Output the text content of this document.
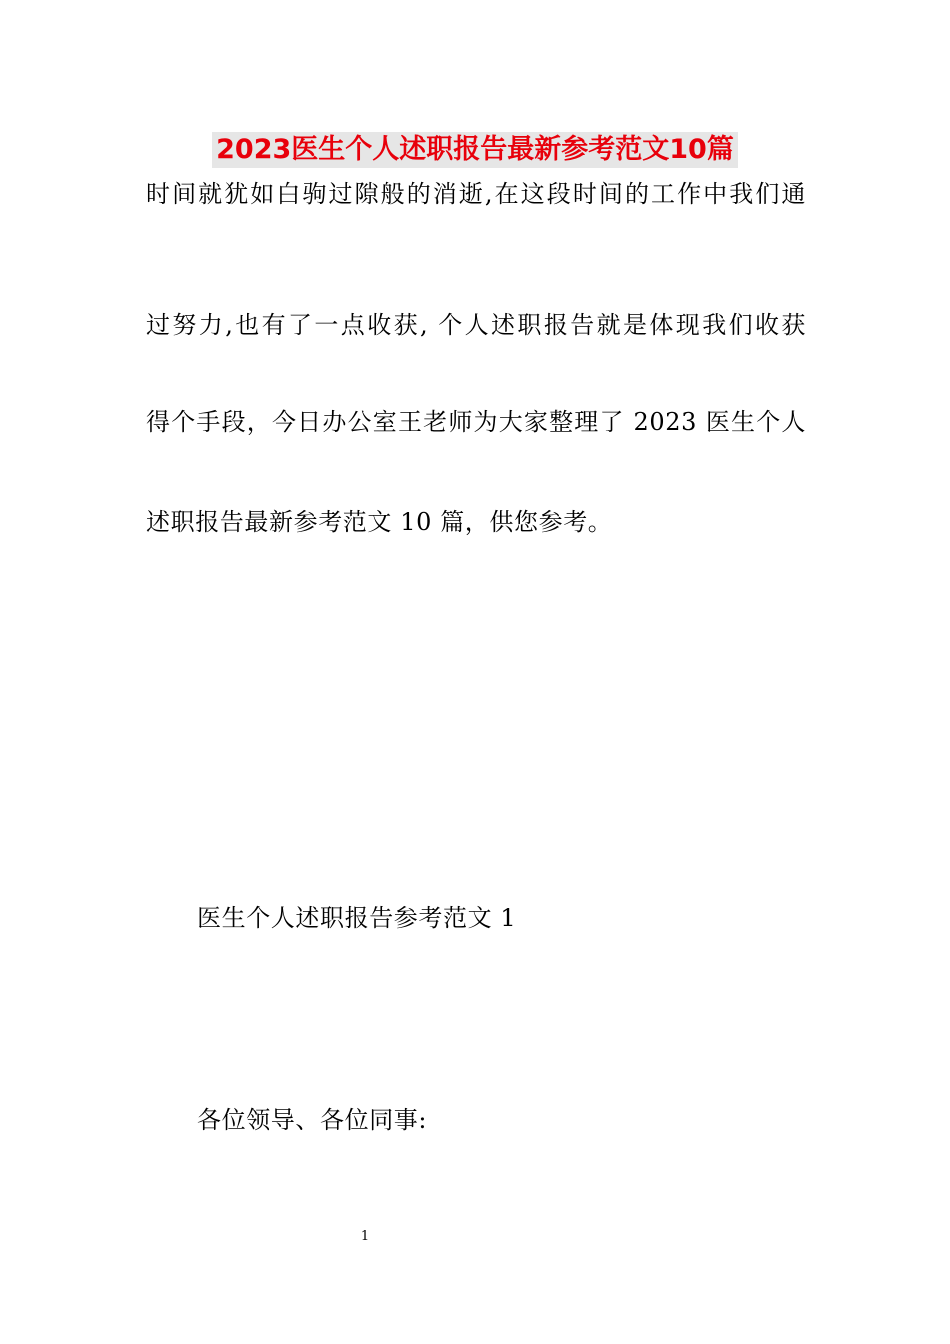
2023医生个人述职报告最新参考范文10篇
时间就犹如白驹过隙般的消逝,在这段时间的工作中我们通
过努力,也有了一点收获, 个人述职报告就是体现我们收获
得个手段，今日办公室王老师为大家整理了 2023 医生个人
述职报告最新参考范文 10 篇，供您参考。
医生个人述职报告参考范文 1
各位领导、各位同事:
1
